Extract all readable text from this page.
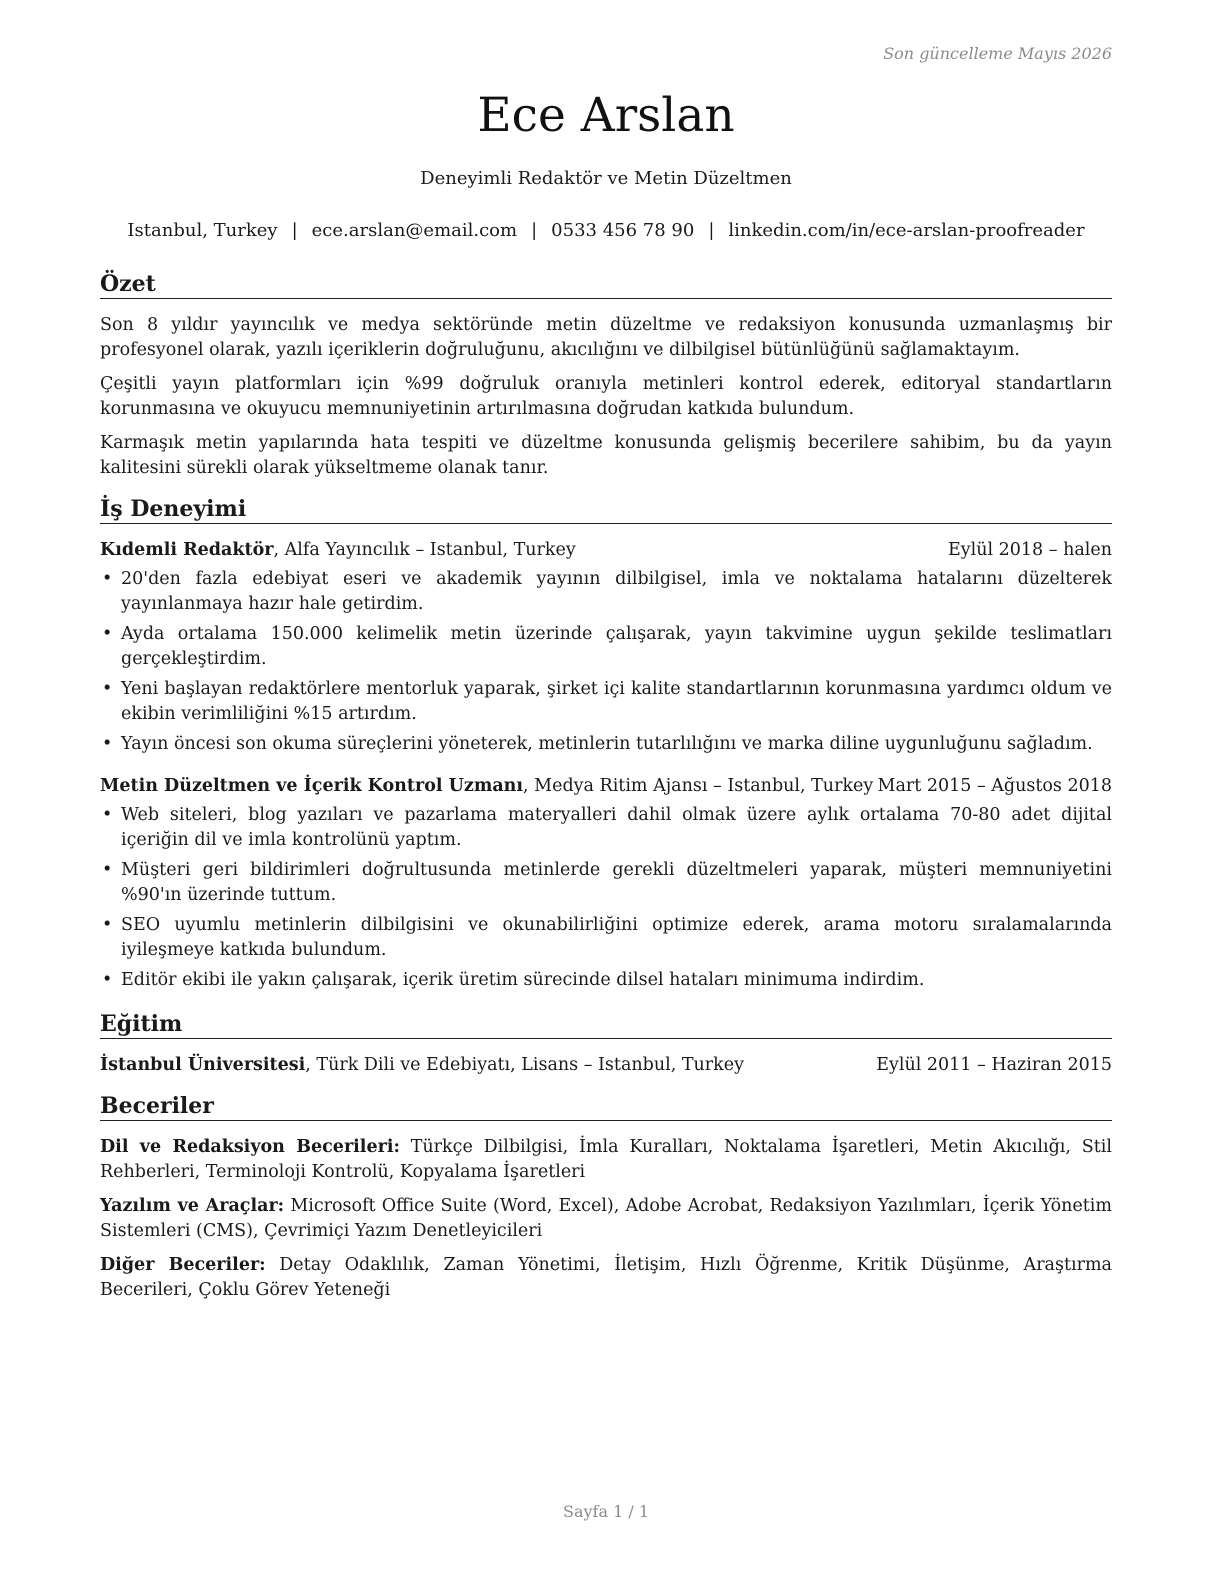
Son güncelleme Mayıs 2026
Ece Arslan
Deneyimli Redaktör ve Metin Düzeltmen
Istanbul, Turkey | ece.arslan@email.com | 0533 456 78 90 | linkedin.com/in/ece-arslan-proofreader
Özet

Son 8 yıldır yayıncılık ve medya sektöründe metin düzeltme ve redaksiyon konusunda uzmanlaşmış bir profesyonel olarak, yazılı içeriklerin doğruluğunu, akıcılığını ve dilbilgisel bütünlüğünü sağlamaktayım.

Çeşitli yayın platformları için %99 doğruluk oranıyla metinleri kontrol ederek, editoryal standartların korunmasına ve okuyucu memnuniyetinin artırılmasına doğrudan katkıda bulundum.

Karmaşık metin yapılarında hata tespiti ve düzeltme konusunda gelişmiş becerilere sahibim, bu da yayın kalitesini sürekli olarak yükseltmeme olanak tanır.

İş Deneyimi
Kıdemli Redaktör, Alfa Yayıncılık – Istanbul, Turkey	Eylül 2018 – halen
• 20'den fazla edebiyat eseri ve akademik yayının dilbilgisel, imla ve noktalama hatalarını düzelterek yayınlanmaya hazır hale getirdim.
• Ayda ortalama 150.000 kelimelik metin üzerinde çalışarak, yayın takvimine uygun şekilde teslimatları gerçekleştirdim.
• Yeni başlayan redaktörlere mentorluk yaparak, şirket içi kalite standartlarının korunmasına yardımcı oldum ve ekibin verimliliğini %15 artırdım.
• Yayın öncesi son okuma süreçlerini yöneterek, metinlerin tutarlılığını ve marka diline uygunluğunu sağladım.
Metin Düzeltmen ve İçerik Kontrol Uzmanı, Medya Ritim Ajansı – Istanbul, Turkey Mart 2015 – Ağustos 2018
• Web siteleri, blog yazıları ve pazarlama materyalleri dahil olmak üzere aylık ortalama 70-80 adet dijital içeriğin dil ve imla kontrolünü yaptım.
• Müşteri geri bildirimleri doğrultusunda metinlerde gerekli düzeltmeleri yaparak, müşteri memnuniyetini %90'ın üzerinde tuttum.
• SEO uyumlu metinlerin dilbilgisini ve okunabilirliğini optimize ederek, arama motoru sıralamalarında iyileşmeye katkıda bulundum.
• Editör ekibi ile yakın çalışarak, içerik üretim sürecinde dilsel hataları minimuma indirdim.
Eğitim
İstanbul Üniversitesi, Türk Dili ve Edebiyatı, Lisans – Istanbul, Turkey	Eylül 2011 – Haziran 2015
Beceriler
Dil ve Redaksiyon Becerileri: Türkçe Dilbilgisi, İmla Kuralları, Noktalama İşaretleri, Metin Akıcılığı, Stil Rehberleri, Terminoloji Kontrolü, Kopyalama İşaretleri
Yazılım ve Araçlar: Microsoft Office Suite (Word, Excel), Adobe Acrobat, Redaksiyon Yazılımları, İçerik Yönetim Sistemleri (CMS), Çevrimiçi Yazım Denetleyicileri
Diğer Beceriler: Detay Odaklılık, Zaman Yönetimi, İletişim, Hızlı Öğrenme, Kritik Düşünme, Araştırma Becerileri, Çoklu Görev Yeteneği
Sayfa 1 / 1
